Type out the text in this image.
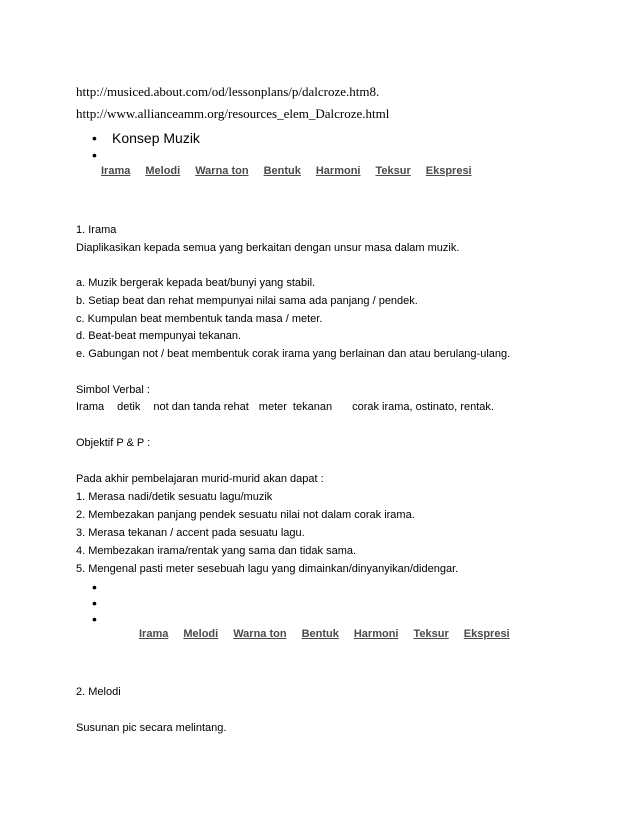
http://musiced.about.com/od/lessonplans/p/dalcroze.htm8.
http://www.allianceamm.org/resources_elem_Dalcroze.html
• Konsep Muzik
•
Irama Melodi Warna ton Bentuk Harmoni Teksur Ekspresi
1. Irama
Diaplikasikan kepada semua yang berkaitan dengan unsur masa dalam muzik.
a. Muzik bergerak kepada beat/bunyi yang stabil.
b. Setiap beat dan rehat mempunyai nilai sama ada panjang / pendek.
c. Kumpulan beat membentuk tanda masa / meter.
d. Beat-beat mempunyai tekanan.
e. Gabungan not / beat membentuk corak irama yang berlainan dan atau berulang-ulang.
Simbol Verbal :
Irama detik not dan tanda rehat meter tekanan corak irama, ostinato, rentak.
Objektif P & P :
Pada akhir pembelajaran murid-murid akan dapat :
1. Merasa nadi/detik sesuatu lagu/muzik
2. Membezakan panjang pendek sesuatu nilai not dalam corak irama.
3. Merasa tekanan / accent pada sesuatu lagu.
4. Membezakan irama/rentak yang sama dan tidak sama.
5. Mengenal pasti meter sesebuah lagu yang dimainkan/dinyanyikan/didengar.
•
•
•
Irama Melodi Warna ton Bentuk Harmoni Teksur Ekspresi
2. Melodi
Susunan pic secara melintang.
